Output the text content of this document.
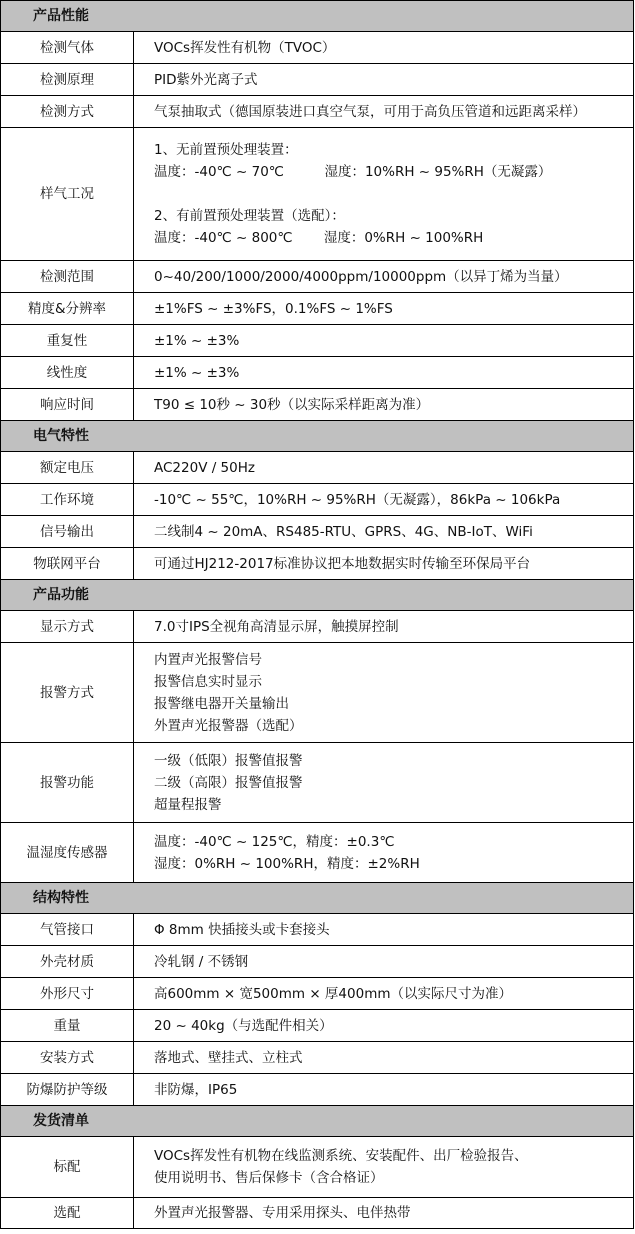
产品性能	
检测气体	VOCs挥发性有机物（TVOC）

检测原理	PID紫外光离子式

检测方式	气泵抽取式（德国原装进口真空气泵，可用于高负压管道和远距离采样）

样气工况	1、无前置预处理装置：
温度：-40℃ ~ 70℃　　　湿度：10%RH ~ 95%RH（无凝露）
2、有前置预处理装置（选配）：
温度：-40℃ ~ 800℃　　 湿度：0%RH ~ 100%RH

检测范围	0~40/200/1000/2000/4000ppm/10000ppm（以异丁烯为当量）

精度&分辨率	±1%FS ~ ±3%FS，0.1%FS ~ 1%FS

重复性	±1% ~ ±3%

线性度	±1% ~ ±3%

响应时间	T90 ≤ 10秒 ~ 30秒（以实际采样距离为准）

电气特性	
额定电压	AC220V / 50Hz

工作环境	-10℃ ~ 55℃，10%RH ~ 95%RH（无凝露），86kPa ~ 106kPa

信号输出	二线制4 ~ 20mA、RS485-RTU、GPRS、4G、NB-IoT、WiFi

物联网平台	可通过HJ212-2017标准协议把本地数据实时传输至环保局平台

产品功能	
显示方式	7.0寸IPS全视角高清显示屏，触摸屏控制

报警方式	内置声光报警信号
报警信息实时显示
报警继电器开关量输出
外置声光报警器（选配）

报警功能	一级（低限）报警值报警
二级（高限）报警值报警
超量程报警

温湿度传感器	温度：-40℃ ~ 125℃，精度：±0.3℃
湿度：0%RH ~ 100%RH，精度：±2%RH

结构特性	
气管接口	Φ 8mm 快插接头或卡套接头

外壳材质	冷轧钢 / 不锈钢

外形尺寸	高600mm × 宽500mm × 厚400mm（以实际尺寸为准）

重量	20 ~ 40kg（与选配件相关）

安装方式	落地式、壁挂式、立柱式

防爆防护等级	非防爆，IP65

发货清单	
标配	VOCs挥发性有机物在线监测系统、安装配件、出厂检验报告、
使用说明书、售后保修卡（含合格证）

选配	外置声光报警器、专用采用探头、电伴热带
